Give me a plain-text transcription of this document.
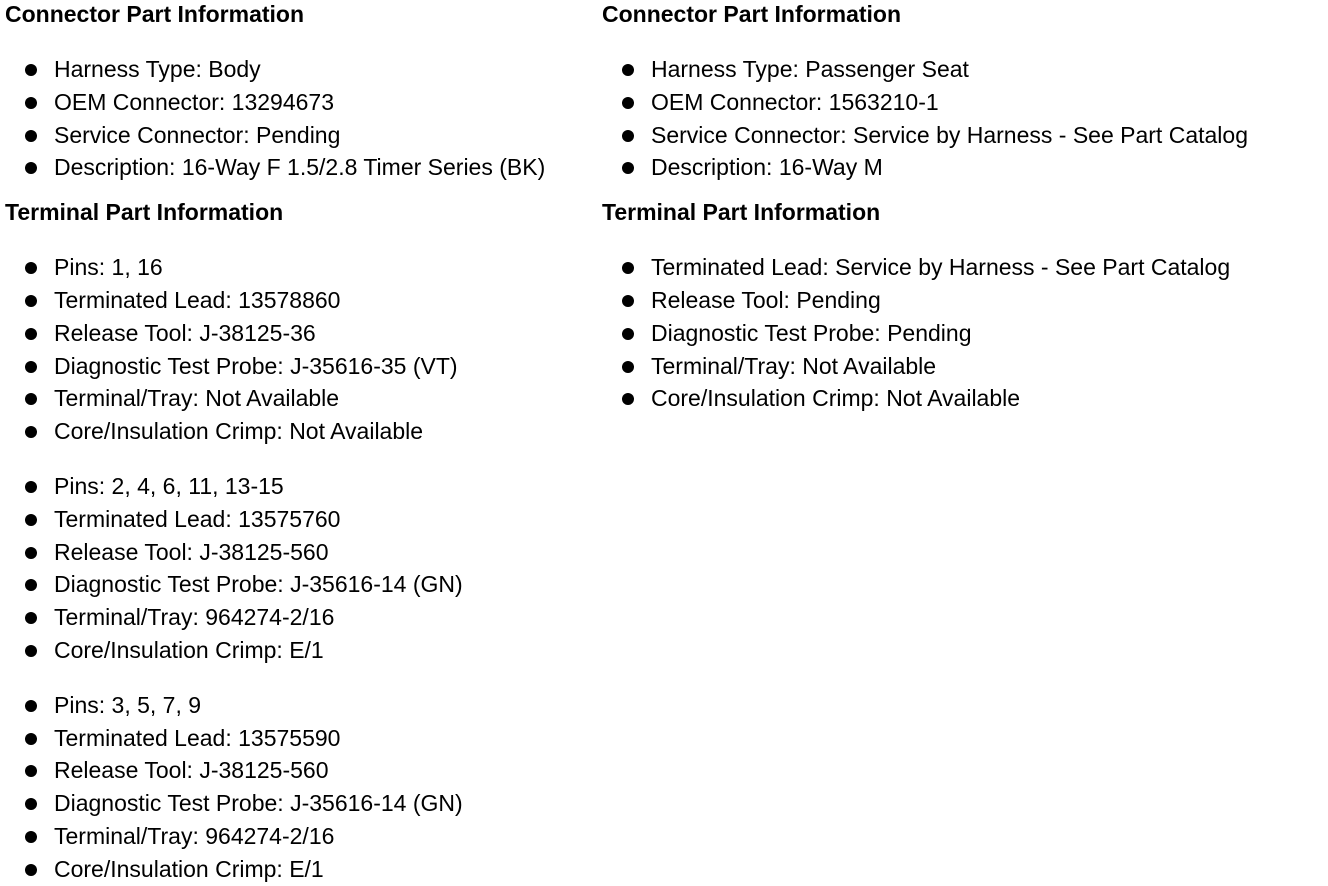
Connector Part Information
Harness Type: Body
OEM Connector: 13294673
Service Connector: Pending
Description: 16-Way F 1.5/2.8 Timer Series (BK)
Terminal Part Information
Pins: 1, 16
Terminated Lead: 13578860
Release Tool: J-38125-36
Diagnostic Test Probe: J-35616-35 (VT)
Terminal/Tray: Not Available
Core/Insulation Crimp: Not Available
Pins: 2, 4, 6, 11, 13-15
Terminated Lead: 13575760
Release Tool: J-38125-560
Diagnostic Test Probe: J-35616-14 (GN)
Terminal/Tray: 964274-2/16
Core/Insulation Crimp: E/1
Pins: 3, 5, 7, 9
Terminated Lead: 13575590
Release Tool: J-38125-560
Diagnostic Test Probe: J-35616-14 (GN)
Terminal/Tray: 964274-2/16
Core/Insulation Crimp: E/1
Connector Part Information
Harness Type: Passenger Seat
OEM Connector: 1563210-1
Service Connector: Service by Harness - See Part Catalog
Description: 16-Way M
Terminal Part Information
Terminated Lead: Service by Harness - See Part Catalog
Release Tool: Pending
Diagnostic Test Probe: Pending
Terminal/Tray: Not Available
Core/Insulation Crimp: Not Available
